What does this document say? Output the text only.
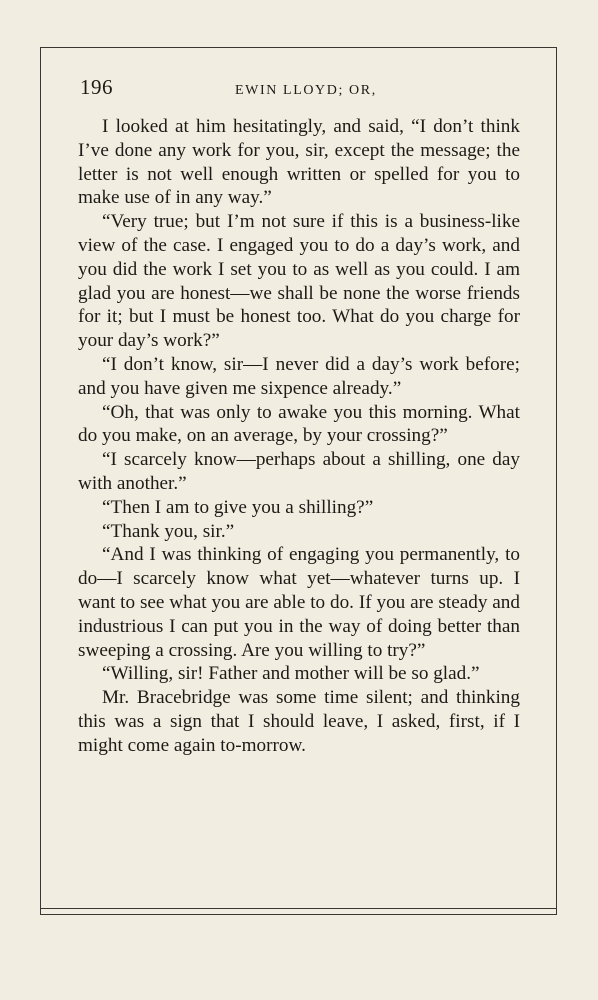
196	EWIN LLOYD; OR,

I looked at him hesitatingly, and said, “I don’t think I’ve done any work for you, sir, except the message; the letter is not well enough written or spelled for you to make use of in any way.”

“Very true; but I’m not sure if this is a business-like view of the case. I engaged you to do a day’s work, and you did the work I set you to as well as you could. I am glad you are honest—we shall be none the worse friends for it; but I must be honest too. What do you charge for your day’s work?”

“I don’t know, sir—I never did a day’s work before; and you have given me sixpence already.”

“Oh, that was only to awake you this morning. What do you make, on an average, by your crossing?”

“I scarcely know—perhaps about a shilling, one day with another.”

“Then I am to give you a shilling?”

“Thank you, sir.”

“And I was thinking of engaging you permanently, to do—I scarcely know what yet—whatever turns up. I want to see what you are able to do. If you are steady and industrious I can put you in the way of doing better than sweeping a crossing. Are you willing to try?”

“Willing, sir! Father and mother will be so glad.”

Mr. Bracebridge was some time silent; and thinking this was a sign that I should leave, I asked, first, if I might come again to-morrow.
